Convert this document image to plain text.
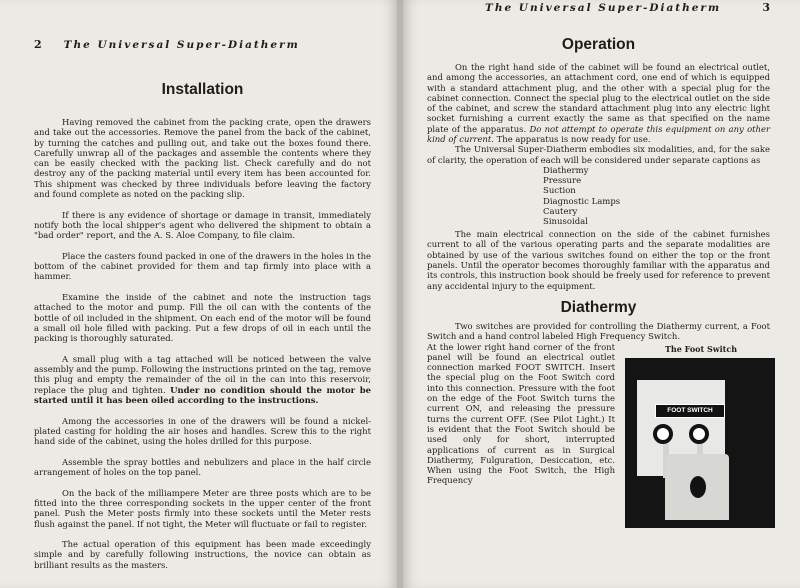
2 The Universal Super-Diatherm
Installation

Having removed the cabinet from the packing crate, open the drawers and take out the accessories. Remove the panel from the back of the cabinet, by turning the catches and pulling out, and take out the boxes found there. Carefully unwrap all of the packages and assemble the contents where they can be easily checked with the packing list. Check carefully and do not destroy any of the packing material until every item has been accounted for. This shipment was checked by three individuals before leaving the factory and found complete as noted on the packing slip.

If there is any evidence of shortage or damage in transit, immediately notify both the local shipper's agent who delivered the shipment to obtain a "bad order" report, and the A. S. Aloe Company, to file claim.

Place the casters found packed in one of the drawers in the holes in the bottom of the cabinet provided for them and tap firmly into place with a hammer.

Examine the inside of the cabinet and note the instruction tags attached to the motor and pump. Fill the oil can with the contents of the bottle of oil included in the shipment. On each end of the motor will be found a small oil hole filled with packing. Put a few drops of oil in each until the packing is thoroughly saturated.

A small plug with a tag attached will be noticed between the valve assembly and the pump. Following the instructions printed on the tag, remove this plug and empty the remainder of the oil in the can into this reservoir, replace the plug and tighten. Under no condition should the motor be started until it has been oiled according to the instructions.

Among the accessories in one of the drawers will be found a nickel-plated casting for holding the air hoses and handles. Screw this to the right hand side of the cabinet, using the holes drilled for this purpose.

Assemble the spray bottles and nebulizers and place in the half circle arrangement of holes on the top panel.

On the back of the milliampere Meter are three posts which are to be fitted into the three corresponding sockets in the upper center of the front panel. Push the Meter posts firmly into these sockets until the Meter rests flush against the panel. If not tight, the Meter will fluctuate or fail to register.

The actual operation of this equipment has been made exceedingly simple and by carefully following instructions, the novice can obtain as brilliant results as the masters.

The Universal Super-Diatherm	3
Operation

On the right hand side of the cabinet will be found an electrical outlet, and among the accessories, an attachment cord, one end of which is equipped with a standard attachment plug, and the other with a special plug for the cabinet connection. Connect the special plug to the electrical outlet on the side of the cabinet, and screw the standard attachment plug into any electric light socket furnishing a current exactly the same as that specified on the name plate of the apparatus. Do not attempt to operate this equipment on any other kind of current. The apparatus is now ready for use.

The Universal Super-Diatherm embodies six modalities, and, for the sake of clarity, the operation of each will be considered under separate captions as

Diathermy
Pressure
Suction
Diagnostic Lamps
Cautery
Sinusoidal

The main electrical connection on the side of the cabinet furnishes current to all of the various operating parts and the separate modalities are obtained by use of the various switches found on either the top or the front panels. Until the operator becomes thoroughly familiar with the apparatus and its controls, this instruction book should be freely used for reference to prevent any accidental injury to the equipment.

Diathermy

Two switches are provided for controlling the Diathermy current, a Foot Switch and a hand control labeled High Frequency Switch.

At the lower right hand corner of the front panel will be found an electrical outlet connection marked FOOT SWITCH. Insert the special plug on the Foot Switch cord into this connection. Pressure with the foot on the edge of the Foot Switch turns the current ON, and releasing the pressure turns the current OFF. (See Pilot Light.) It is evident that the Foot Switch should be used only for short, interrupted applications of current as in Surgical Diathermy, Fulguration, Desiccation, etc. When using the Foot Switch, the High Frequency

The Foot Switch
FOOT SWITCH
